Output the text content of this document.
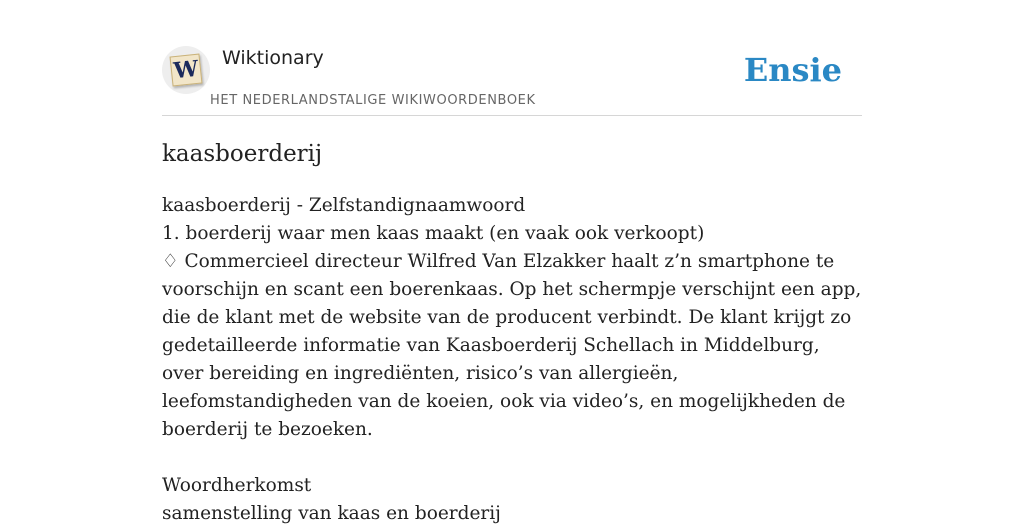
W Wiktionary
HET NEDERLANDSTALIGE WIKIWOORDENBOEK
Ensie
kaasboerderij

kaasboerderij - Zelfstandignaamwoord

1. boerderij waar men kaas maakt (en vaak ook verkoopt)

♢ Commercieel directeur Wilfred Van Elzakker haalt z’n smartphone te voorschijn en scant een boerenkaas. Op het schermpje verschijnt een app, die de klant met de website van de producent verbindt. De klant krijgt zo gedetailleerde informatie van Kaasboerderij Schellach in Middelburg, over bereiding en ingrediënten, risico’s van allergieën, leefomstandigheden van de koeien, ook via video’s, en mogelijkheden de boerderij te bezoeken.

Woordherkomst

samenstelling van kaas en boerderij
